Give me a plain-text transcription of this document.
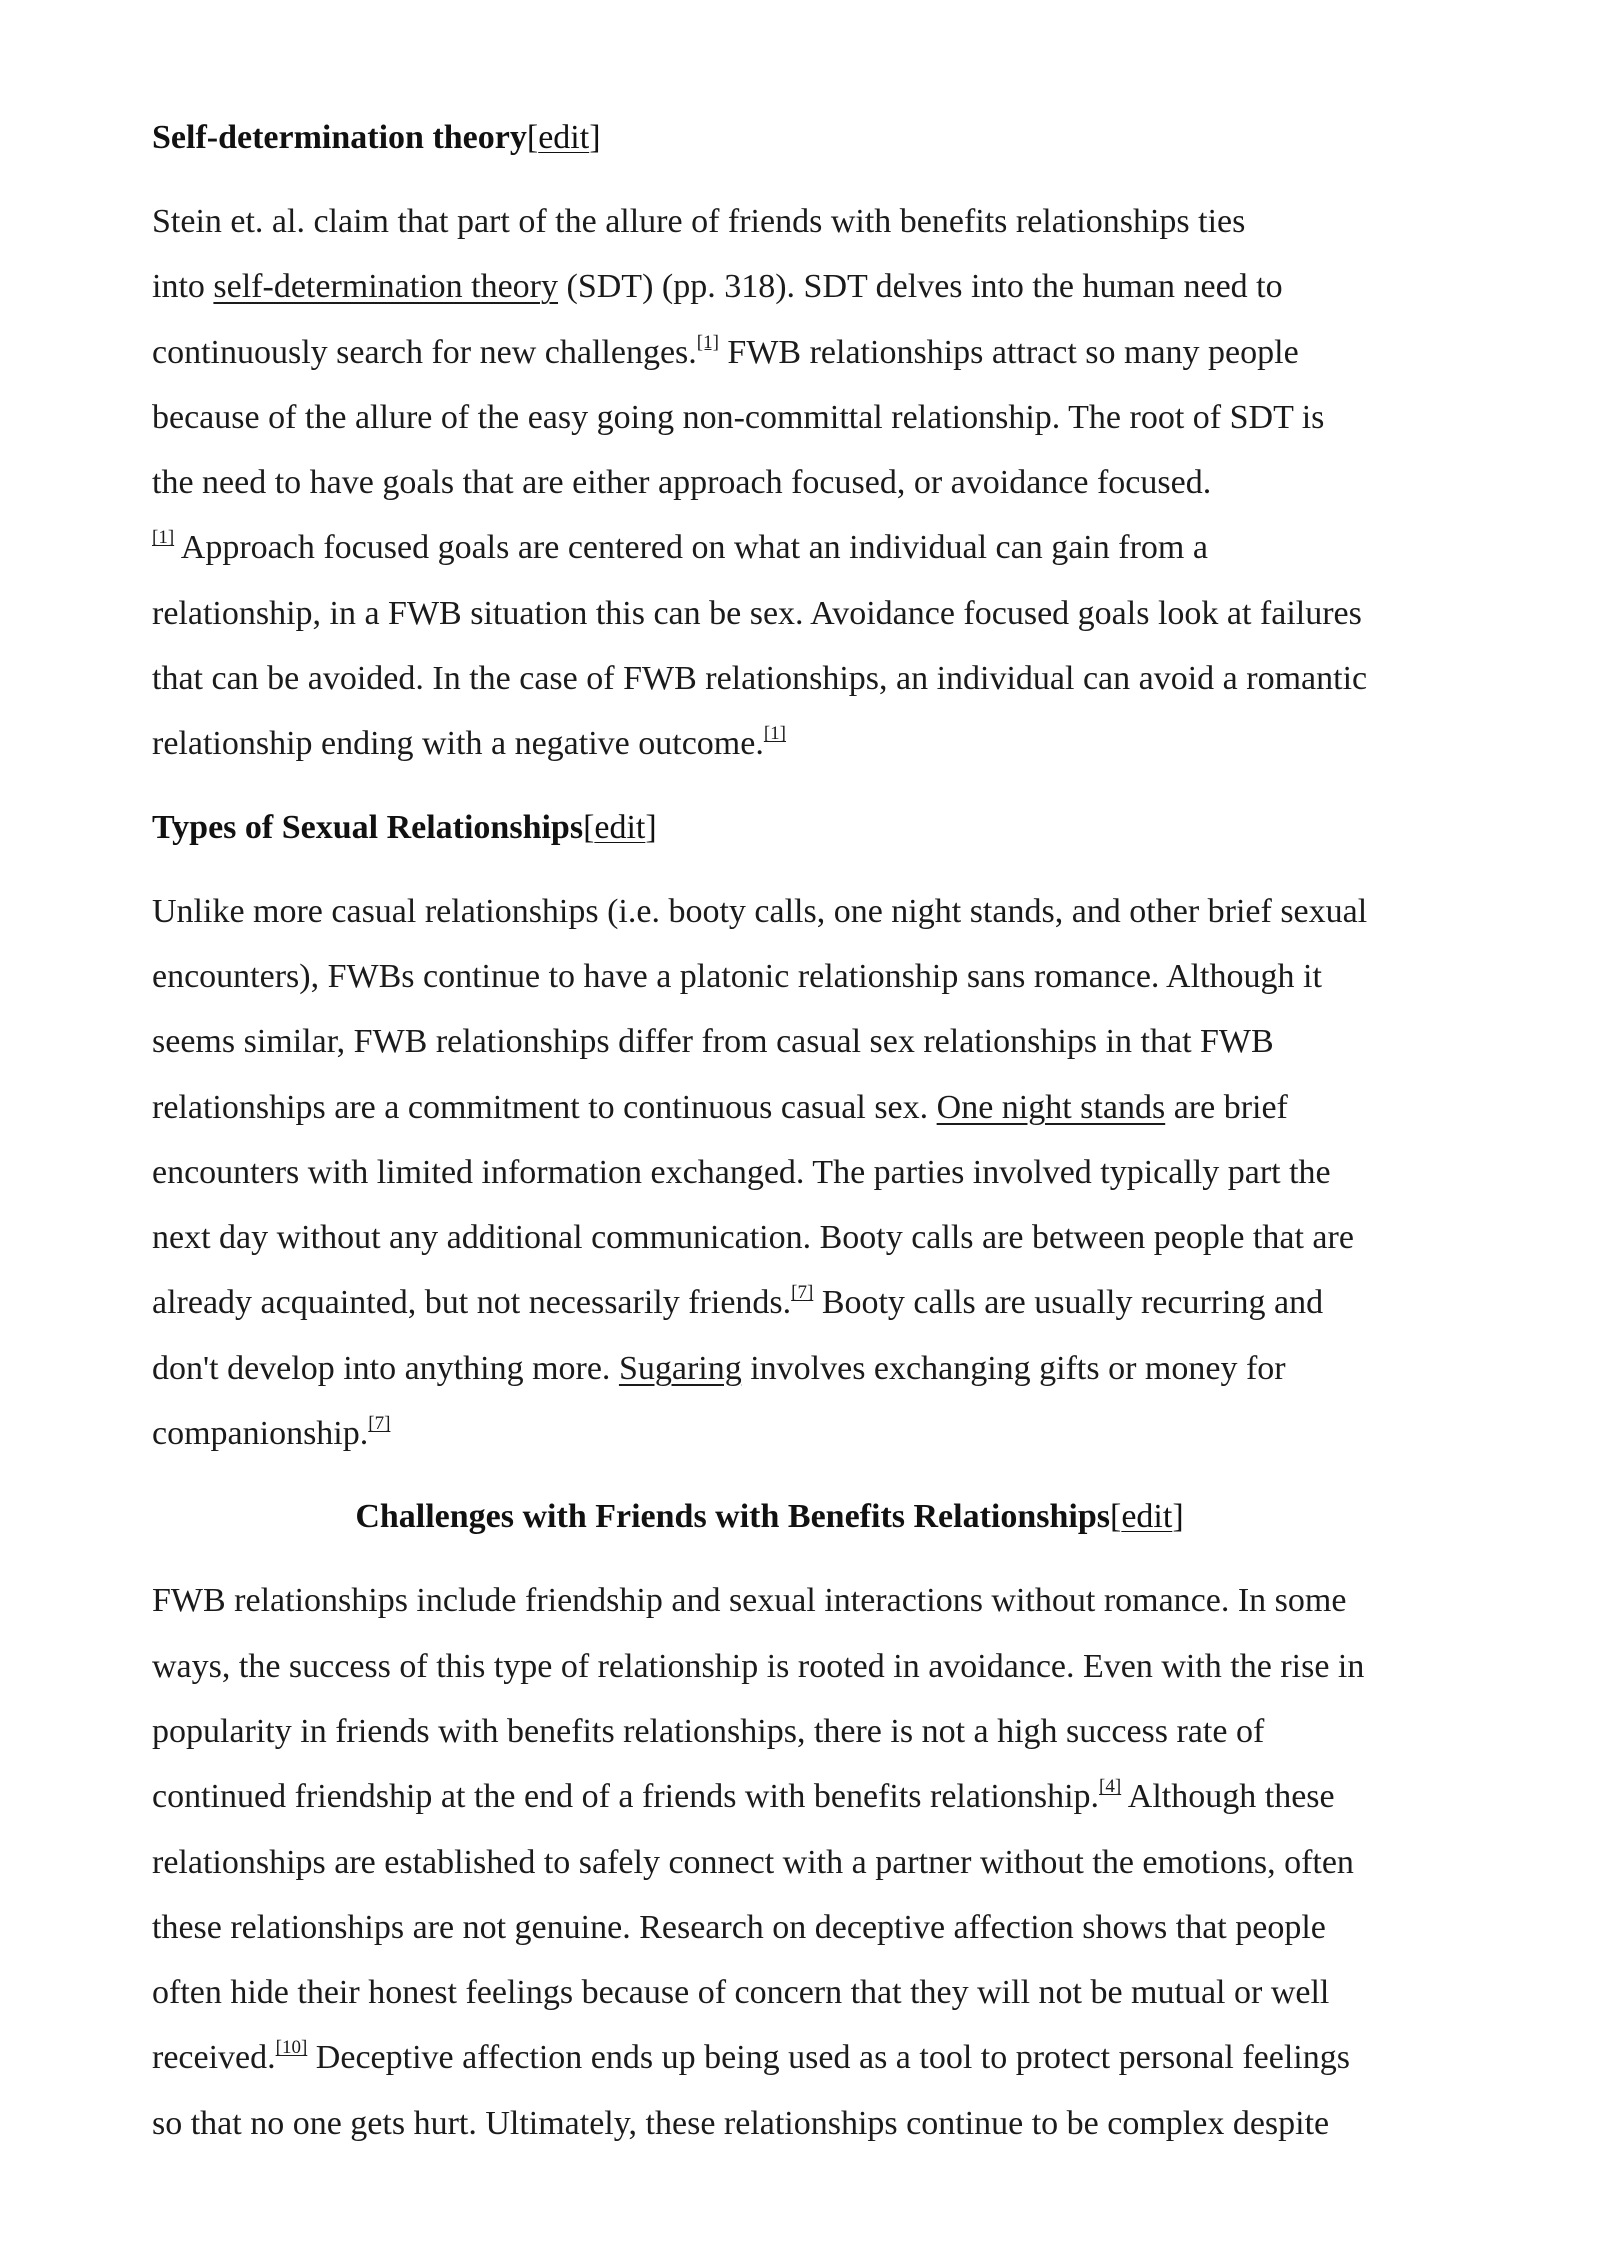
Self-determination theory[edit]

Stein et. al. claim that part of the allure of friends with benefits relationships ties
into self-determination theory (SDT) (pp. 318). SDT delves into the human need to
continuously search for new challenges.[1] FWB relationships attract so many people
because of the allure of the easy going non-committal relationship. The root of SDT is
the need to have goals that are either approach focused, or avoidance focused.
[1] Approach focused goals are centered on what an individual can gain from a
relationship, in a FWB situation this can be sex. Avoidance focused goals look at failures
that can be avoided. In the case of FWB relationships, an individual can avoid a romantic
relationship ending with a negative outcome.[1]

Types of Sexual Relationships[edit]

Unlike more casual relationships (i.e. booty calls, one night stands, and other brief sexual
encounters), FWBs continue to have a platonic relationship sans romance. Although it
seems similar, FWB relationships differ from casual sex relationships in that FWB
relationships are a commitment to continuous casual sex. One night stands are brief
encounters with limited information exchanged. The parties involved typically part the
next day without any additional communication. Booty calls are between people that are
already acquainted, but not necessarily friends.[7] Booty calls are usually recurring and
don't develop into anything more. Sugaring involves exchanging gifts or money for
companionship.[7]

Challenges with Friends with Benefits Relationships[edit]

FWB relationships include friendship and sexual interactions without romance. In some
ways, the success of this type of relationship is rooted in avoidance. Even with the rise in
popularity in friends with benefits relationships, there is not a high success rate of
continued friendship at the end of a friends with benefits relationship.[4] Although these
relationships are established to safely connect with a partner without the emotions, often
these relationships are not genuine. Research on deceptive affection shows that people
often hide their honest feelings because of concern that they will not be mutual or well
received.[10] Deceptive affection ends up being used as a tool to protect personal feelings
so that no one gets hurt. Ultimately, these relationships continue to be complex despite
